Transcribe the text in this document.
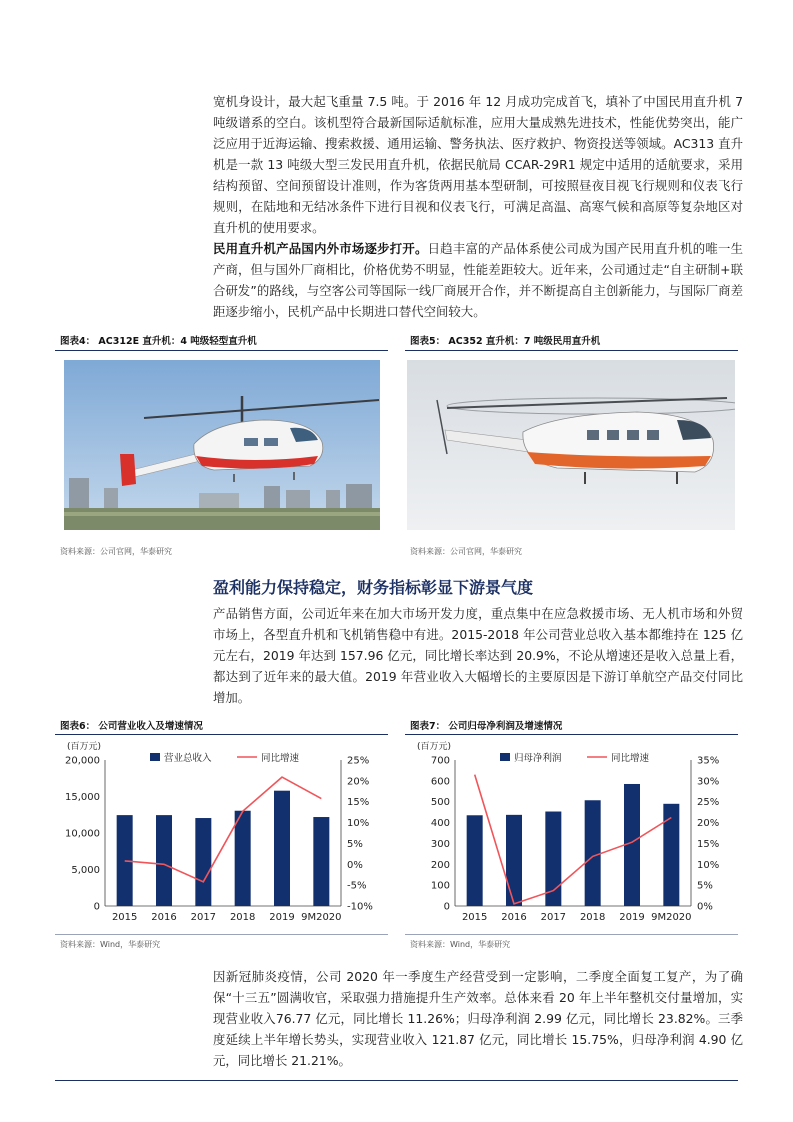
宽机身设计，最大起飞重量 7.5 吨。于 2016 年 12 月成功完成首飞，填补了中国民用直升机 7 吨级谱系的空白。该机型符合最新国际适航标准，应用大量成熟先进技术，性能优势突出，能广泛应用于近海运输、搜索救援、通用运输、警务执法、医疗救护、物资投送等领域。AC313 直升机是一款 13 吨级大型三发民用直升机，依据民航局 CCAR-29R1 规定中适用的适航要求，采用结构预留、空间预留设计准则，作为客货两用基本型研制，可按照昼夜目视飞行规则和仪表飞行规则，在陆地和无结冰条件下进行目视和仪表飞行，可满足高温、高寒气候和高原等复杂地区对直升机的使用要求。

民用直升机产品国内外市场逐步打开。日趋丰富的产品体系使公司成为国产民用直升机的唯一生产商，但与国外厂商相比，价格优势不明显，性能差距较大。近年来，公司通过走“自主研制+联合研发”的路线，与空客公司等国际一线厂商展开合作，并不断提高自主创新能力，与国际厂商差距逐步缩小，民机产品中长期进口替代空间较大。

图表4： AC312E 直升机：4 吨级轻型直升机
资料来源：公司官网，华泰研究
图表5： AC352 直升机：7 吨级民用直升机
资料来源：公司官网，华泰研究
盈利能力保持稳定，财务指标彰显下游景气度

产品销售方面，公司近年来在加大市场开发力度，重点集中在应急救援市场、无人机市场和外贸市场上，各型直升机和飞机销售稳中有进。2015-2018 年公司营业总收入基本都维持在 125 亿元左右，2019 年达到 157.96 亿元，同比增长率达到 20.9%，不论从增速还是收入总量上看，都达到了近年来的最大值。2019 年营业收入大幅增长的主要原因是下游订单航空产品交付同比增加。

图表6： 公司营业收入及增速情况
(百万元)
营业总收入	同比增速
0
5,000
10,000
15,000
20,000
-10%
-5%
0%
5%
10%
15%
20%
25%
2015 2016 2017 2018 2019 9M2020
资料来源：Wind，华泰研究
图表7： 公司归母净利润及增速情况
(百万元)
归母净利润	同比增速
0
100
200
300
400
500
600
700
0%
5%
10%
15%
20%
25%
30%
35%
2015 2016 2017 2018 2019 9M2020
资料来源：Wind，华泰研究

因新冠肺炎疫情，公司 2020 年一季度生产经营受到一定影响，二季度全面复工复产，为了确保“十三五”圆满收官，采取强力措施提升生产效率。总体来看 20 年上半年整机交付量增加，实现营业收入76.77 亿元，同比增长 11.26%；归母净利润 2.99 亿元，同比增长 23.82%。三季度延续上半年增长势头，实现营业收入 121.87 亿元，同比增长 15.75%，归母净利润 4.90 亿元，同比增长 21.21%。
